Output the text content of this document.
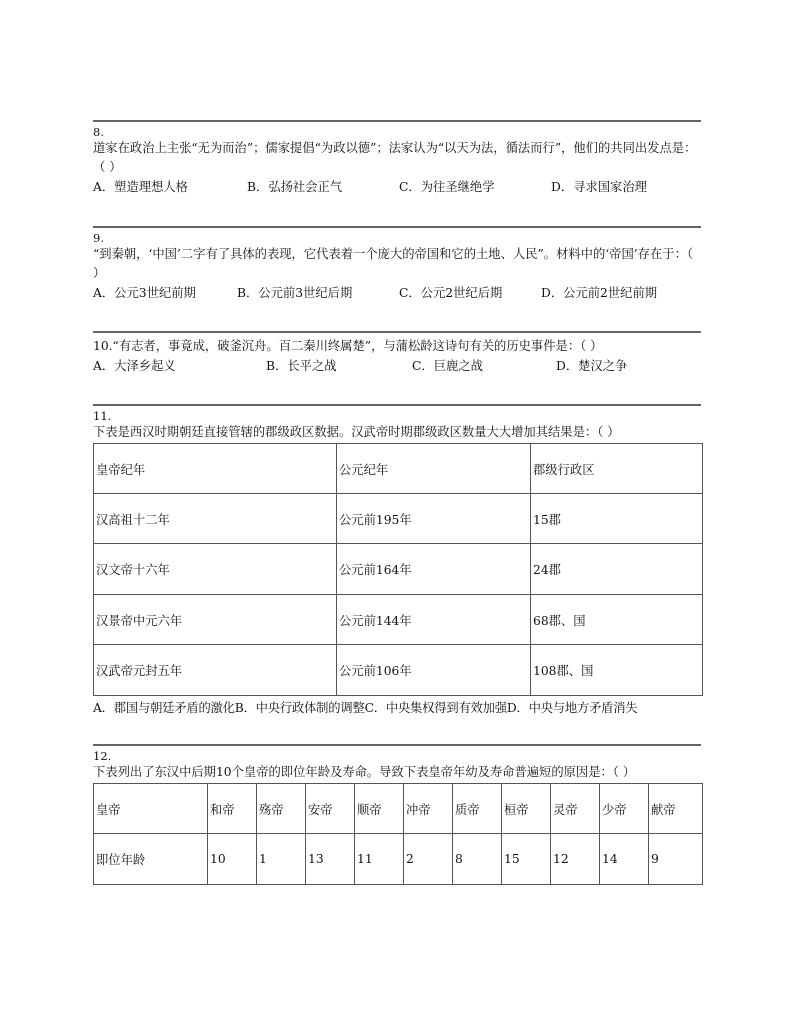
8.
道家在政治上主张“无为而治”；儒家提倡“为政以德”；法家认为“以天为法，循法而行”，他们的共同出发点是：（ ）
A．塑造理想人格	B．弘扬社会正气	C．为往圣继绝学	D．寻求国家治理
9.
“到秦朝，‘中国’二字有了具体的表现，它代表着一个庞大的帝国和它的土地、人民”。材料中的‘帝国’存在于：（ ）
A．公元3世纪前期	B．公元前3世纪后期	C．公元2世纪后期	D．公元前2世纪前期
10.“有志者，事竟成，破釜沉舟。百二秦川终属楚”，与蒲松龄这诗句有关的历史事件是：（ ）
A．大泽乡起义	B．长平之战	C．巨鹿之战	D．楚汉之争
11.
下表是西汉时期朝廷直接管辖的郡级政区数据。汉武帝时期郡级政区数量大大增加其结果是：（ ）
皇帝纪年	公元纪年	郡级行政区
汉高祖十二年	公元前195年	15郡
汉文帝十六年	公元前164年	24郡
汉景帝中元六年	公元前144年	68郡、国
汉武帝元封五年	公元前106年	108郡、国
A．郡国与朝廷矛盾的激化 B．中央行政体制的调整 C．中央集权得到有效加强 D．中央与地方矛盾消失
12.
下表列出了东汉中后期10个皇帝的即位年龄及寿命。导致下表皇帝年幼及寿命普遍短的原因是：（ ）
皇帝	和帝	殇帝	安帝	顺帝	冲帝	质帝	桓帝	灵帝	少帝	献帝
即位年龄	10	1	13	11	2	8	15	12	14	9
